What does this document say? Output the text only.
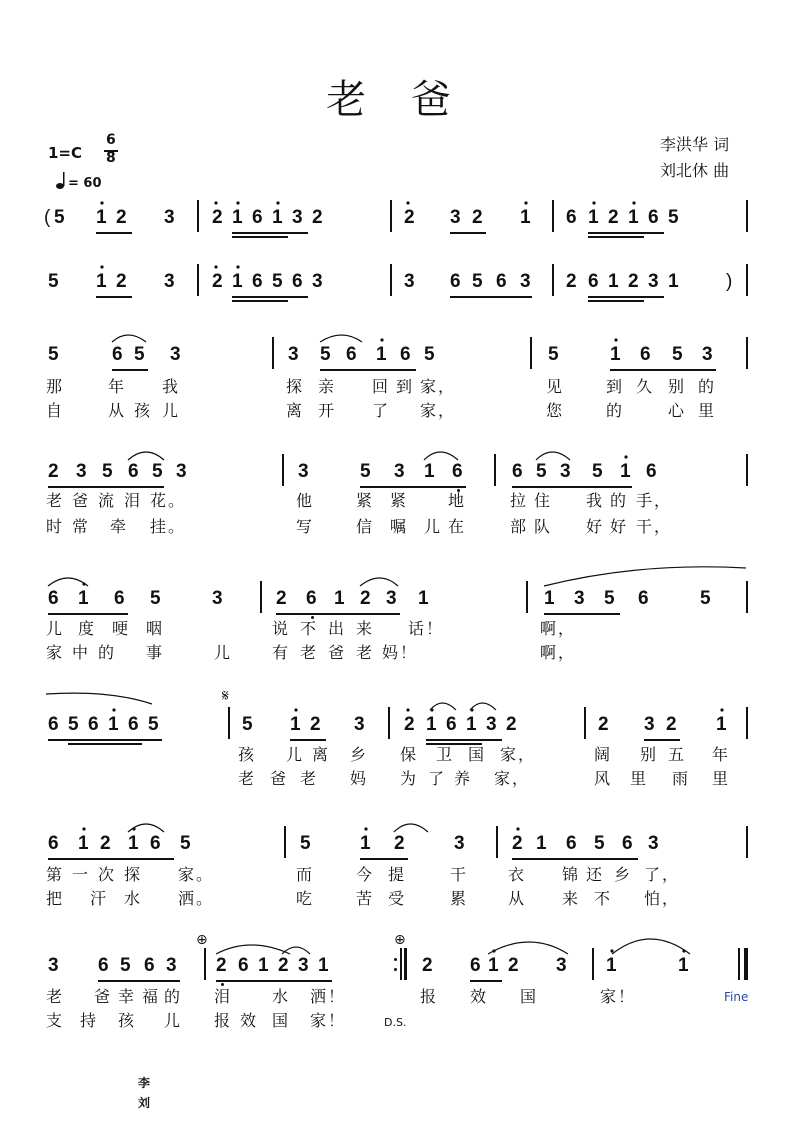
老 爸
1=C
6
8
= 60
李洪华 词
刘北休 曲
( 5 1 2 3 2 1 6 1 3 2	2 3 2 1 6 1 2 1 6 5
5 1 2 3 2 1 6 5 6 3	3 6 5 6 3 2 6 1 2 3 1 )
5	6 5 3	3 5 6 1 6 5	5	1 6 5 3
那	年 我	探 亲 回 到 家，	见	到 久 别 的
自	从 孩 儿	离 开 了 家，	您	的	心 里
2 3 5 6 5 3	3	5 3 1 6	6 5 3 5 1 6
老 爸 流 泪 花。	他	紧 紧 地	拉 住 我 的 手，
时 常 牵 挂。	写	信 嘱 儿 在	部 队 好 好 干，
6 1 6 5	3	2 6 1 2 3 1	1 3 5 6	5
儿 度 哽 咽	说 不 出 来 话！	啊，
家 中 的 事	儿 有 老 爸 老 妈！	啊，
𝄋
6 5 6 1 6 5	5 1 2 3 2 1 6 1 3 2	2 3 2 1
孩 儿 离 乡 保 卫 国 家，	阔 别 五 年
老 爸 老 妈 为 了 养 家，	风 里 雨 里
6 1 2 1 6 5	5	1 2	3 2 1 6 5 6 3
第 一 次 探 家。	而	今 提	干 衣 锦 还 乡 了，
把 汗 水 洒。	吃	苦 受	累 从 来 不 怕，
⊕	⊕
3 6 5 6 3 2 6 1 2 3 1	2 6 1 2 3 1	1
老 爸 幸 福 的 泪 水 洒！	报 效 国	家！
支 持 孩 儿 报 效 国 家！
Fine
D.S.
李
刘
